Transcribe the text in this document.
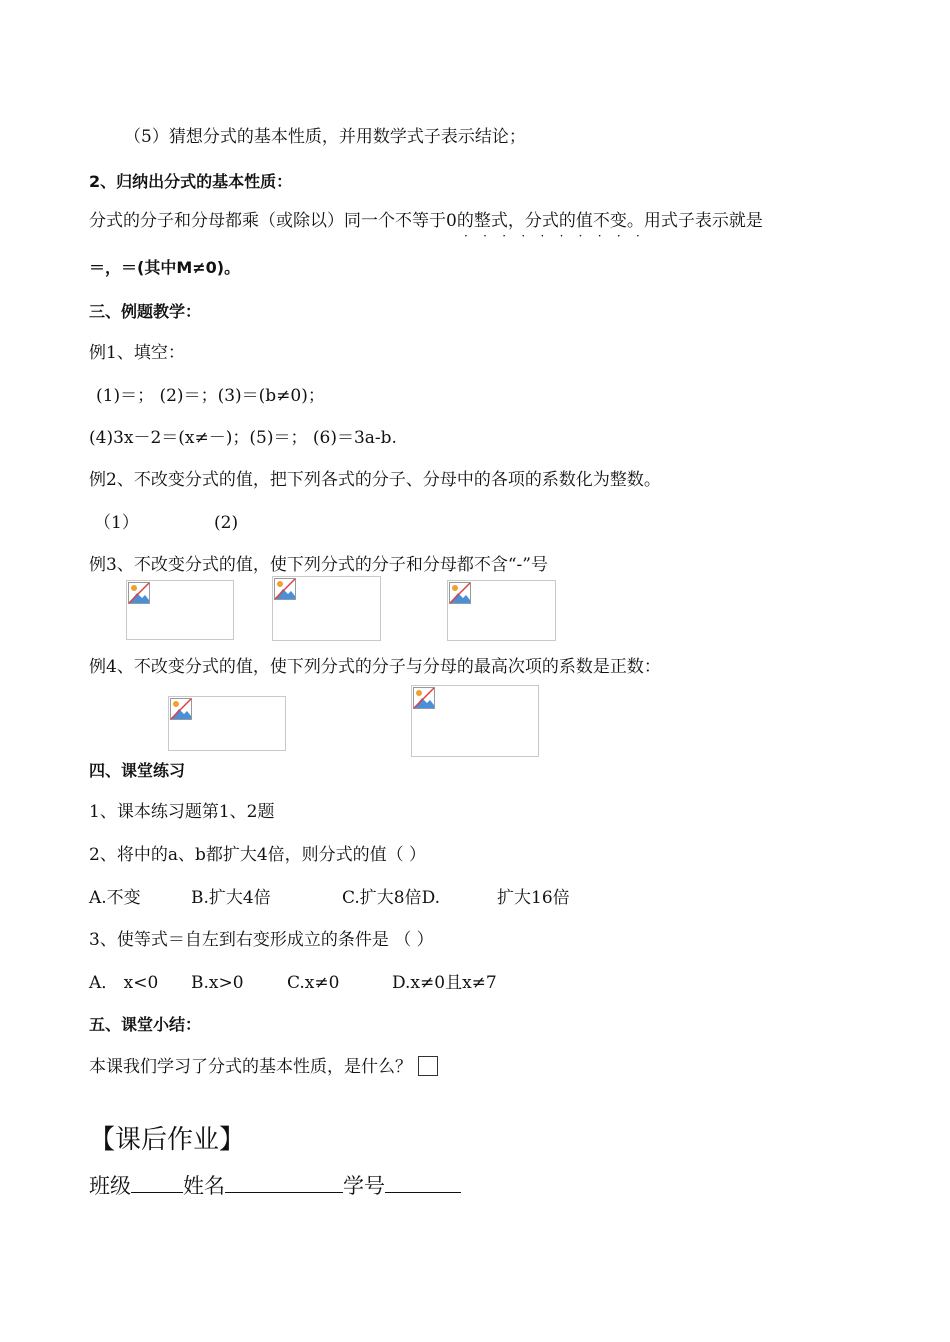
（5）猜想分式的基本性质，并用数学式子表示结论；
2、归纳出分式的基本性质：
分式的分子和分母都乘（或除以）同一个不等于0的整式，分式的值不变。用式子表示就是
··········
＝，＝(其中M≠0)。
三、例题教学：
例1、填空：
(1)＝； (2)＝；(3)＝(b≠0)；
(4)3x－2＝(x≠－)；(5)＝； (6)＝3a-b.
例2、不改变分式的值，把下列各式的分子、分母中的各项的系数化为整数。
（1）	(2)
例3、不改变分式的值，使下列分式的分子和分母都不含“-”号
例4、不改变分式的值，使下列分式的分子与分母的最高次项的系数是正数：
四、课堂练习
1、课本练习题第1、2题
2、将中的a、b都扩大4倍，则分式的值（ ）
A.不变	B.扩大4倍	C.扩大8倍D.	扩大16倍
3、使等式＝自左到右变形成立的条件是 （ ）
A． x<0 B.x>0	C.x≠0	D.x≠0且x≠7
五、课堂小结：
本课我们学习了分式的基本性质，是什么？
【课后作业】
班级 姓名	学号
